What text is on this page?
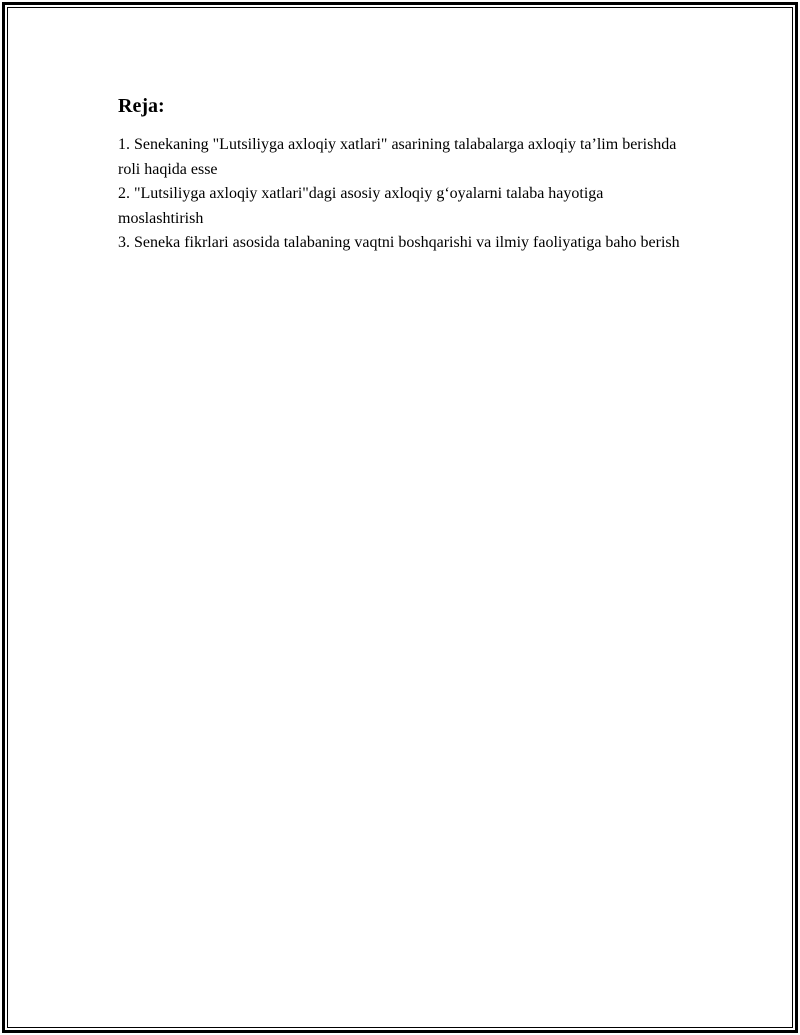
Reja:
1. Senekaning "Lutsiliyga axloqiy xatlari" asarining talabalarga axloqiy ta’lim berishda roli haqida esse
2. "Lutsiliyga axloqiy xatlari"dagi asosiy axloqiy g‘oyalarni talaba hayotiga moslashtirish
3. Seneka fikrlari asosida talabaning vaqtni boshqarishi va ilmiy faoliyatiga baho berish
